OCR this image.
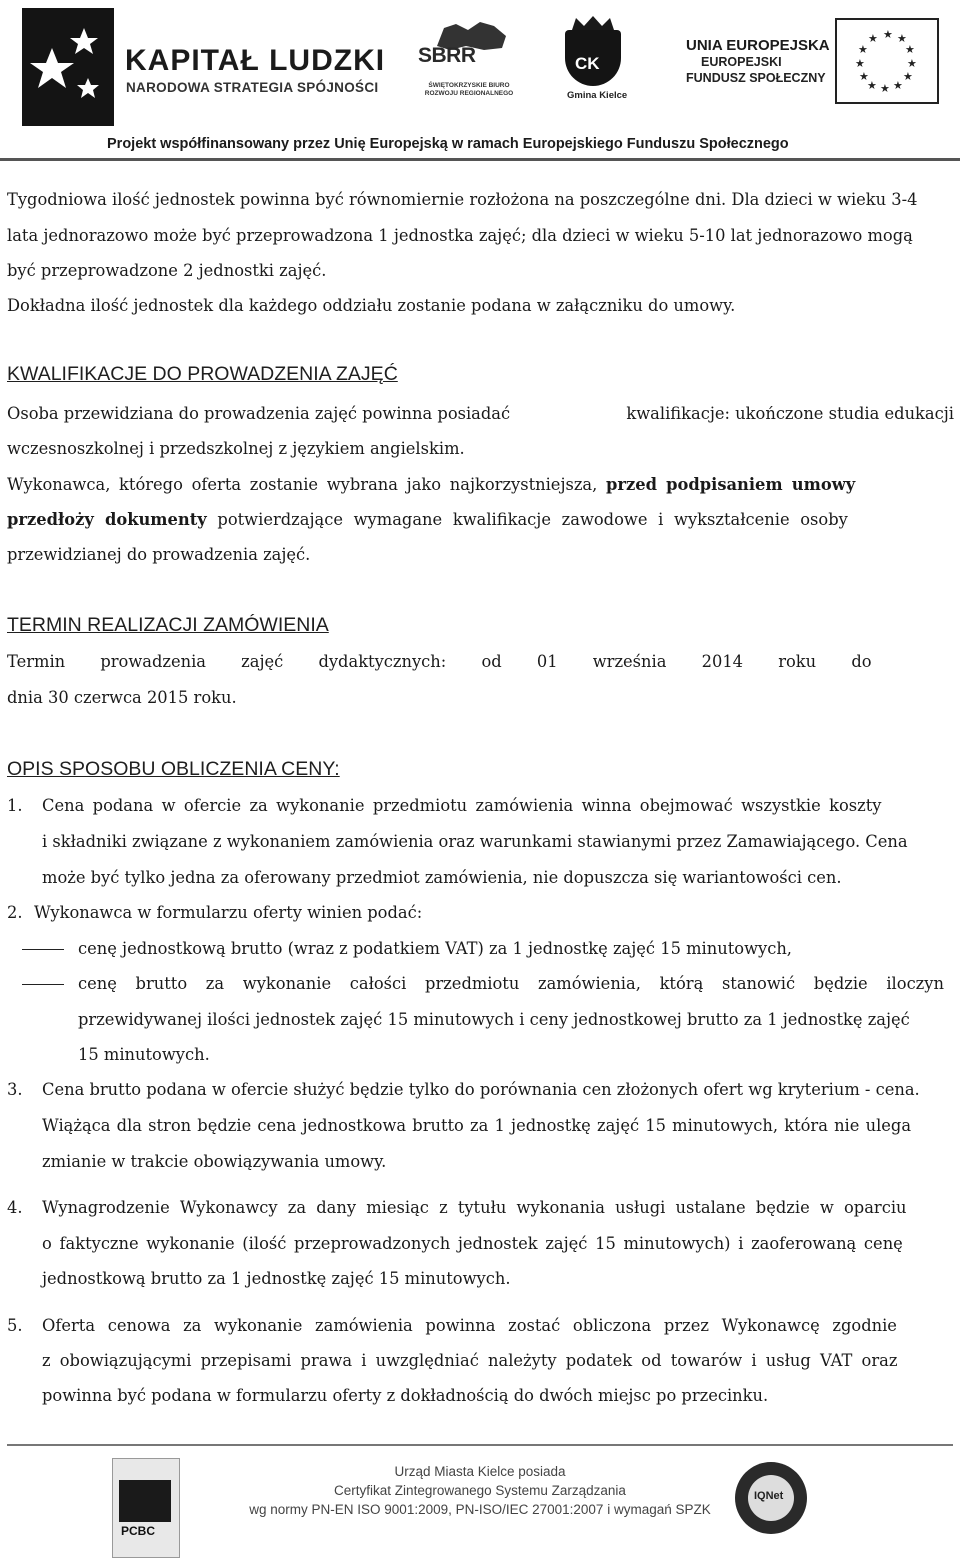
KAPITAŁ LUDZKI
NARODOWA STRATEGIA SPÓJNOŚCI
SBRR
ŚWIĘTOKRZYSKIE BIURO ROZWOJU REGIONALNEGO
CK
Gmina Kielce
UNIA EUROPEJSKA
EUROPEJSKI
FUNDUSZ SPOŁECZNY
★ ★
★
★
★
★
★
★
★
★
★
★
Projekt współfinansowany przez Unię Europejską w ramach Europejskiego Funduszu Społecznego
Tygodniowa ilość jednostek powinna być równomiernie rozłożona na poszczególne dni. Dla dzieci w wieku 3-4
lata jednorazowo może być przeprowadzona 1 jednostka zajęć; dla dzieci w wieku 5-10 lat jednorazowo mogą
być przeprowadzone 2 jednostki zajęć.
Dokładna ilość jednostek dla każdego oddziału zostanie podana w załączniku do umowy.
KWALIFIKACJE DO PROWADZENIA ZAJĘĆ
Osoba przewidziana do prowadzenia zajęć powinna posiadać	kwalifikacje: ukończone studia edukacji
wczesnoszkolnej i przedszkolnej z językiem angielskim.
Wykonawca, którego oferta zostanie wybrana jako najkorzystniejsza, przed podpisaniem umowy
przedłoży dokumenty potwierdzające wymagane kwalifikacje zawodowe i wykształcenie osoby
przewidzianej do prowadzenia zajęć.
TERMIN REALIZACJI ZAMÓWIENIA
Termin prowadzenia zajęć dydaktycznych: od 01 września 2014 roku do
dnia 30 czerwca 2015 roku.
OPIS SPOSOBU OBLICZENIA CENY:
1. Cena podana w ofercie za wykonanie przedmiotu zamówienia winna obejmować wszystkie koszty
i składniki związane z wykonaniem zamówienia oraz warunkami stawianymi przez Zamawiającego. Cena
może być tylko jedna za oferowany przedmiot zamówienia, nie dopuszcza się wariantowości cen.
2. Wykonawca w formularzu oferty winien podać:
cenę jednostkową brutto (wraz z podatkiem VAT) za 1 jednostkę zajęć 15 minutowych,
cenę brutto za wykonanie całości przedmiotu zamówienia, którą stanowić będzie iloczyn
przewidywanej ilości jednostek zajęć 15 minutowych i ceny jednostkowej brutto za 1 jednostkę zajęć
15 minutowych.
3. Cena brutto podana w ofercie służyć będzie tylko do porównania cen złożonych ofert wg kryterium - cena.
Wiążąca dla stron będzie cena jednostkowa brutto za 1 jednostkę zajęć 15 minutowych, która nie ulega
zmianie w trakcie obowiązywania umowy.
4. Wynagrodzenie Wykonawcy za dany miesiąc z tytułu wykonania usługi ustalane będzie w oparciu
o faktyczne wykonanie (ilość przeprowadzonych jednostek zajęć 15 minutowych) i zaoferowaną cenę
jednostkową brutto za 1 jednostkę zajęć 15 minutowych.
5. Oferta cenowa za wykonanie zamówienia powinna zostać obliczona przez Wykonawcę zgodnie
z obowiązującymi przepisami prawa i uwzględniać należyty podatek od towarów i usług VAT oraz
powinna być podana w formularzu oferty z dokładnością do dwóch miejsc po przecinku.
PCBC
Urząd Miasta Kielce posiada
Certyfikat Zintegrowanego Systemu Zarządzania
wg normy PN-EN ISO 9001:2009, PN-ISO/IEC 27001:2007 i wymagań SPZK
IQNet
